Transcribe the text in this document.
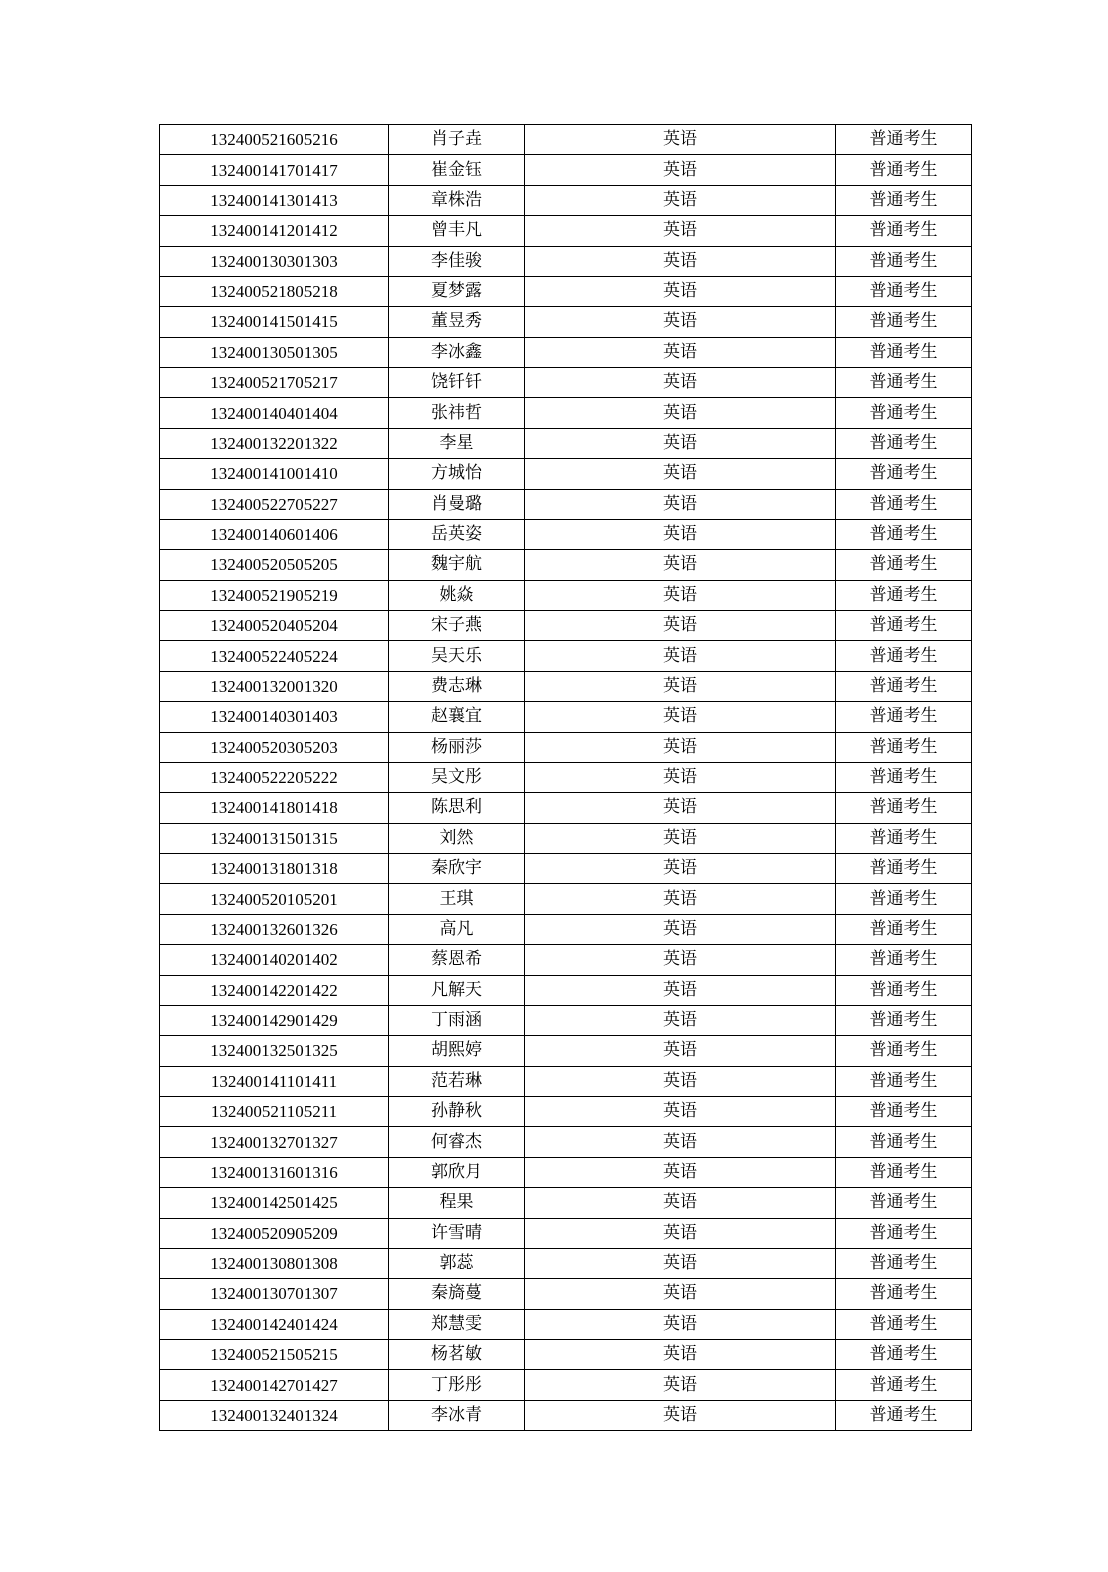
132400521605216	肖子垚	英语	普通考生
132400141701417	崔金钰	英语	普通考生
132400141301413	章株浩	英语	普通考生
132400141201412	曾丰凡	英语	普通考生
132400130301303	李佳骏	英语	普通考生
132400521805218	夏梦露	英语	普通考生
132400141501415	董昱秀	英语	普通考生
132400130501305	李冰鑫	英语	普通考生
132400521705217	饶钎钎	英语	普通考生
132400140401404	张祎哲	英语	普通考生
132400132201322	李星	英语	普通考生
132400141001410	方城怡	英语	普通考生
132400522705227	肖曼璐	英语	普通考生
132400140601406	岳英姿	英语	普通考生
132400520505205	魏宇航	英语	普通考生
132400521905219	姚焱	英语	普通考生
132400520405204	宋子燕	英语	普通考生
132400522405224	吴天乐	英语	普通考生
132400132001320	费志琳	英语	普通考生
132400140301403	赵襄宜	英语	普通考生
132400520305203	杨丽莎	英语	普通考生
132400522205222	吴文彤	英语	普通考生
132400141801418	陈思利	英语	普通考生
132400131501315	刘然	英语	普通考生
132400131801318	秦欣宇	英语	普通考生
132400520105201	王琪	英语	普通考生
132400132601326	高凡	英语	普通考生
132400140201402	蔡恩希	英语	普通考生
132400142201422	凡解天	英语	普通考生
132400142901429	丁雨涵	英语	普通考生
132400132501325	胡熙婷	英语	普通考生
132400141101411	范若琳	英语	普通考生
132400521105211	孙静秋	英语	普通考生
132400132701327	何睿杰	英语	普通考生
132400131601316	郭欣月	英语	普通考生
132400142501425	程果	英语	普通考生
132400520905209	许雪晴	英语	普通考生
132400130801308	郭蕊	英语	普通考生
132400130701307	秦旖蔓	英语	普通考生
132400142401424	郑慧雯	英语	普通考生
132400521505215	杨茗敏	英语	普通考生
132400142701427	丁彤彤	英语	普通考生
132400132401324	李冰青	英语	普通考生
